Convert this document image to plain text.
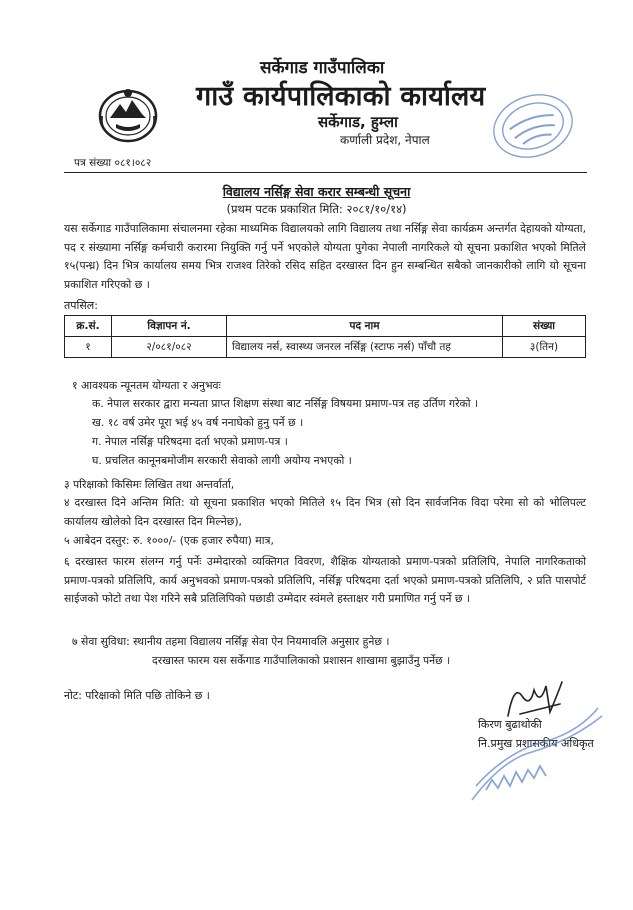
सर्केगाड गाउँपालिका
गाउँ कार्यपालिकाको कार्यालय
सर्केगाड, हुम्ला
कर्णाली प्रदेश, नेपाल
पत्र संख्या ०८१।०८२
विद्यालय नर्सिङ्ग सेवा करार सम्बन्धी सूचना
(प्रथम पटक प्रकाशित मिति: २०८१/१०/१४)
यस सर्केगाड गाउँपालिकामा संचालनमा रहेका माध्यमिक विद्यालयको लागि विद्यालय तथा नर्सिङ्ग सेवा कार्यक्रम अन्तर्गत देहायको योग्यता, पद र संख्यामा नर्सिङ्ग कर्मचारी करारमा नियुक्ति गर्नु पर्ने भएकोले योग्यता पुगेका नेपाली नागरिकले यो सूचना प्रकाशित भएको मितिले १५(पन्ध्र) दिन भित्र कार्यालय समय भित्र राजश्व तिरेको रसिद सहित दरखास्त दिन हुन सम्बन्धित सबैको जानकारीको लागि यो सूचना प्रकाशित गरिएको छ ।
तपसिल:
क्र.सं.	विज्ञापन नं.	पद नाम	संख्या
१	२/०८१/०८२	विद्यालय नर्स, स्वास्थ्य जनरल नर्सिङ्ग (स्टाफ नर्स) पाँचौ तह	३(तिन)
१ आवश्यक न्यूनतम योग्यता र अनुभवः
क. नेपाल सरकार द्वारा मन्यता प्राप्त शिक्षण संस्था बाट नर्सिङ्ग विषयमा प्रमाण-पत्र तह उर्तिण गरेको ।
ख. १८ वर्ष उमेर पूरा भई ४५ वर्ष ननाघेको हुनु पर्ने छ ।
ग. नेपाल नर्सिङ्ग परिषदमा दर्ता भएको प्रमाण-पत्र ।
घ. प्रचलित कानूनबमोजीम सरकारी सेवाको लागी अयोग्य नभएको ।
३ परिक्षाको किसिमः लिखित तथा अन्तर्वार्ता,
४ दरखास्त दिने अन्तिम मिति: यो सूचना प्रकाशित भएको मितिले १५ दिन भित्र (सो दिन सार्वजनिक विदा परेमा सो को भोलिपल्ट कार्यालय खोलेको दिन दरखास्त दिन मिल्नेछ),
५ आबेदन दस्तुर: रु. १०००/- (एक हजार रुपैया) मात्र,
६ दरखास्त फारम संलग्न गर्नु पर्नेः उम्मेदारको व्यक्तिगत विवरण, शैक्षिक योग्यताको प्रमाण-पत्रको प्रतिलिपि, नेपालि नागरिकताको प्रमाण-पत्रको प्रतिलिपि, कार्य अनुभवको प्रमाण-पत्रको प्रतिलिपि, नर्सिङ्ग परिषदमा दर्ता भएको प्रमाण-पत्रको प्रतिलिपि, २ प्रति पासपोर्ट साईजको फोटो तथा पेश गरिने सबै प्रतिलिपिको पछाडी उम्मेदार स्वंमले हस्ताक्षर गरी प्रमाणित गर्नु पर्ने छ ।
७ सेवा सुविधा: स्थानीय तहमा विद्यालय नर्सिङ्ग सेवा ऐन नियमावलि अनुसार हुनेछ ।
दरखास्त फारम यस सर्केगाड गाउँपालिकाको प्रशासन शाखामा बुझाउँनु पर्नेछ ।
नोट: परिक्षाको मिति पछि तोकिने छ ।
किरण बुढाथोकी
नि.प्रमुख प्रशासकीय अधिकृत
